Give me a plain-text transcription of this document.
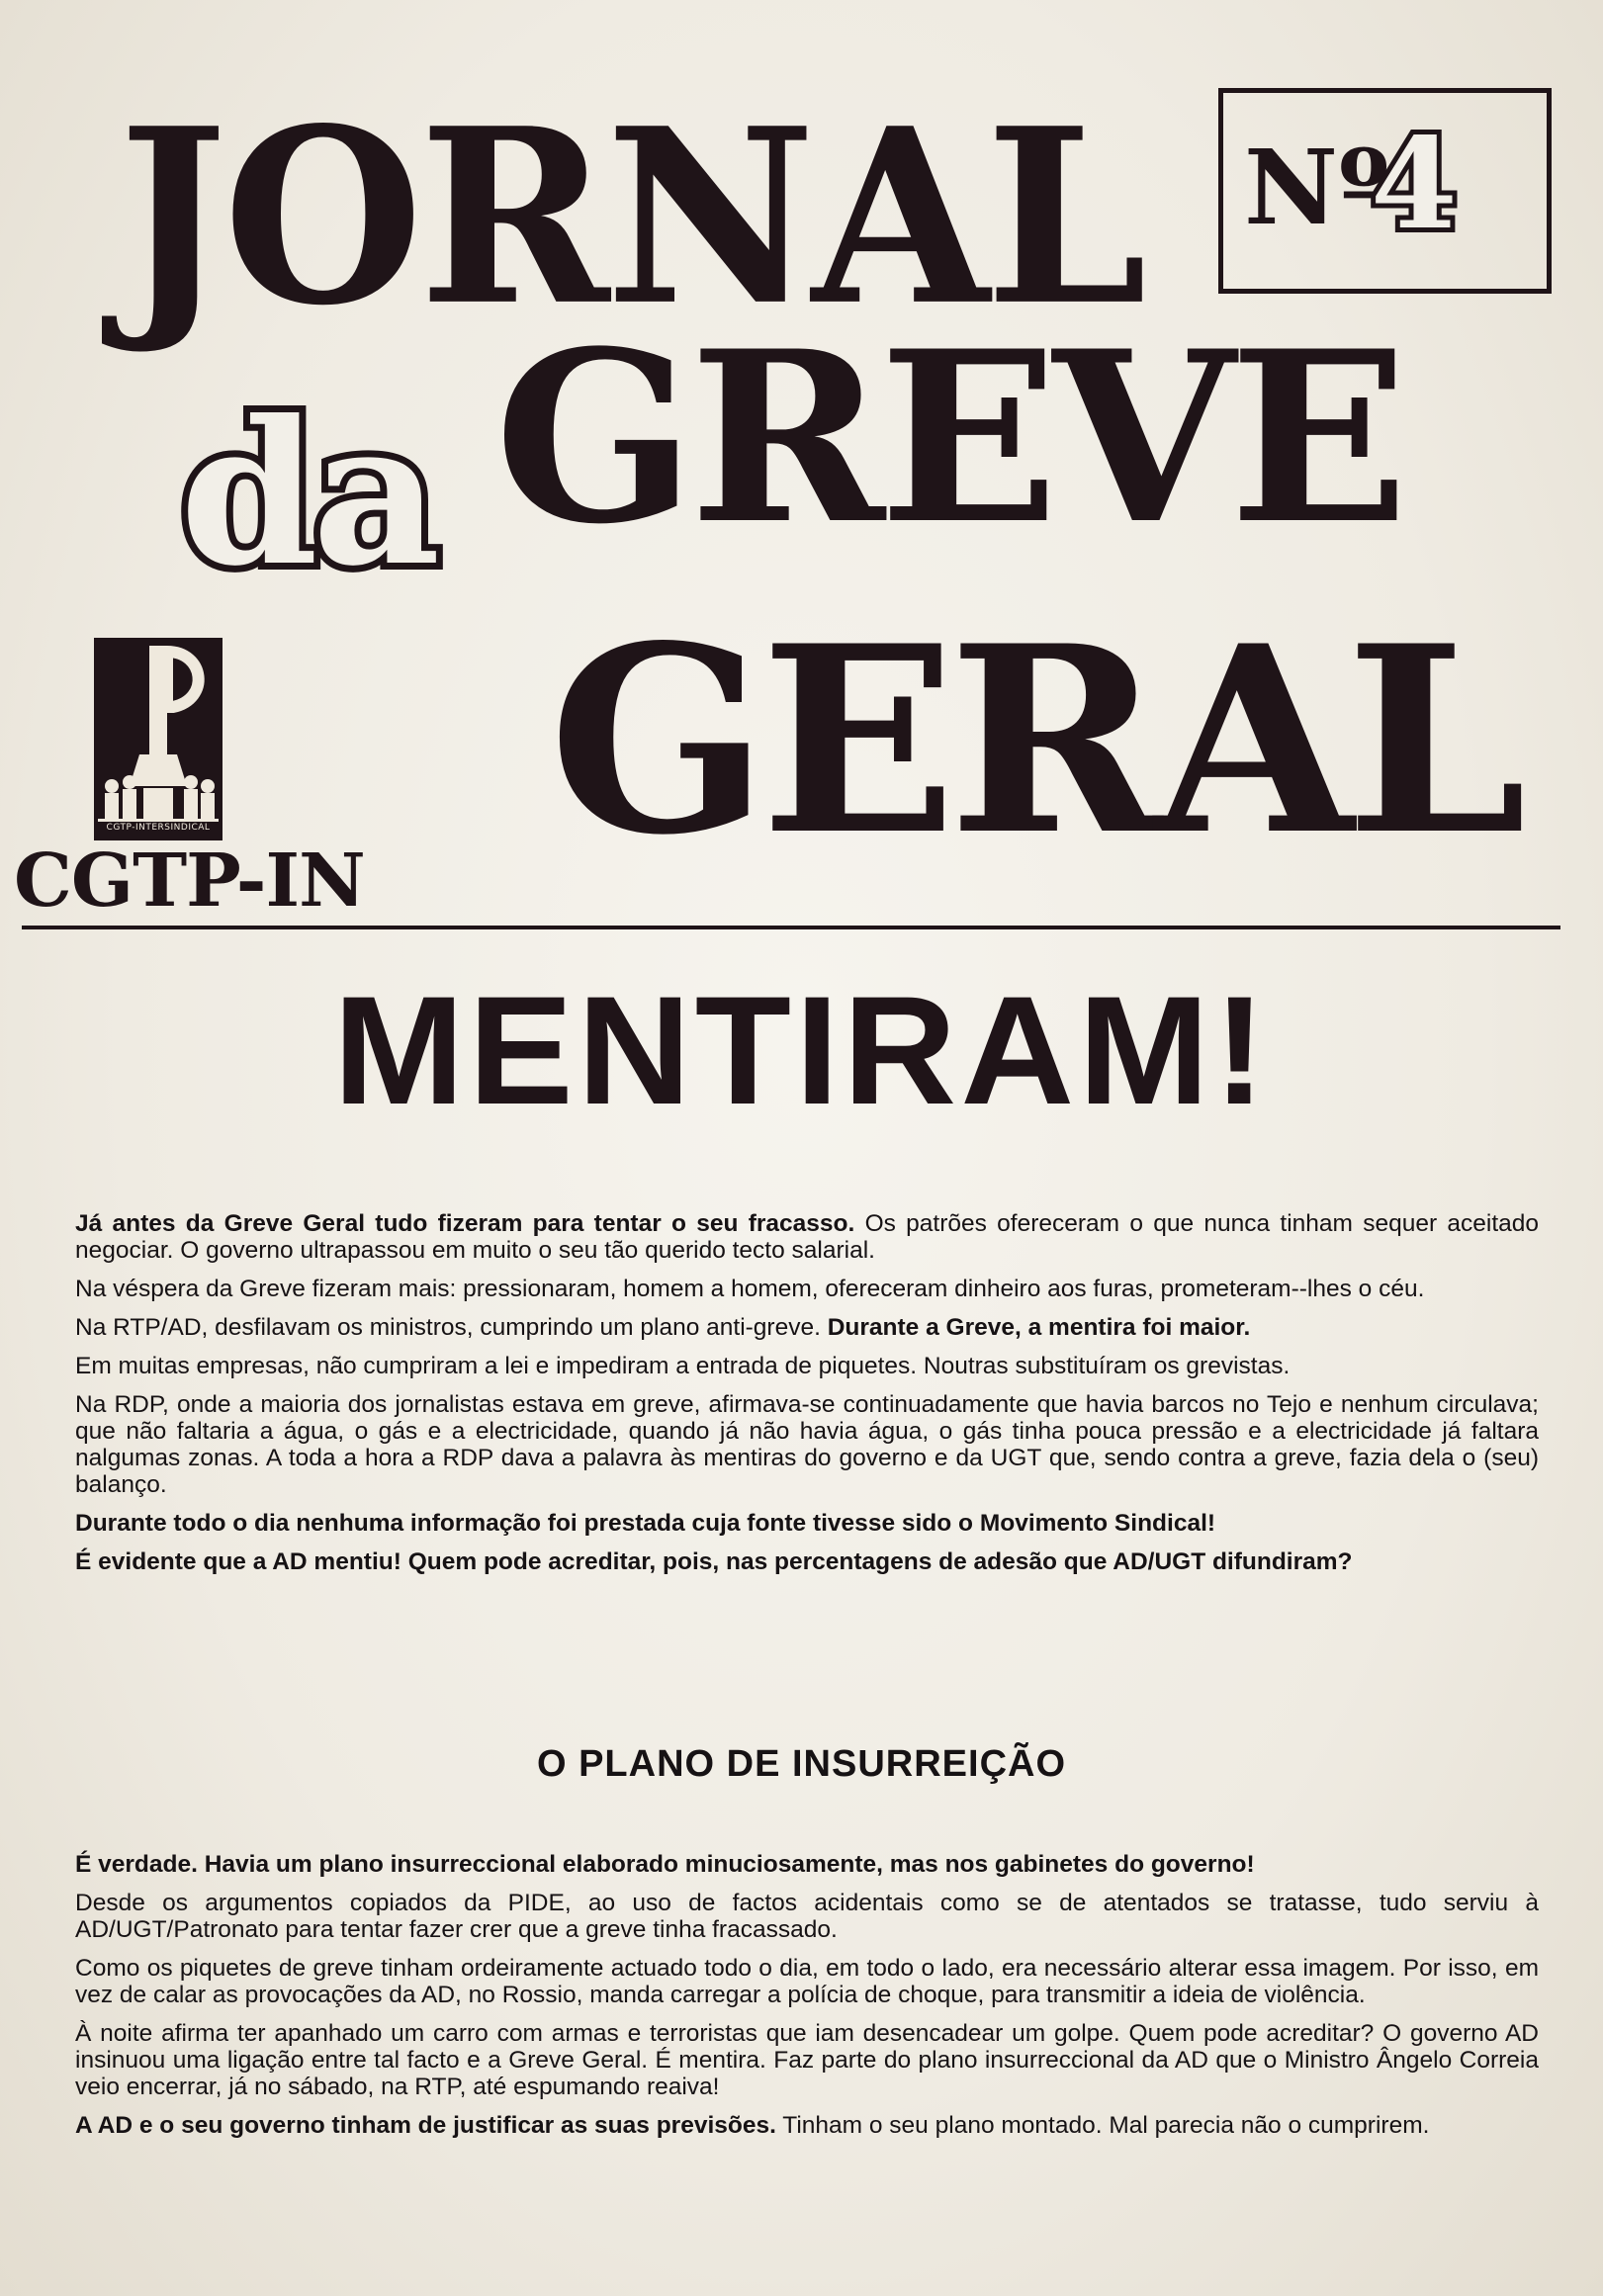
JORNAL
da GREVE
GERAL
Nº
4
CGTP-INTERSINDICAL
CGTP-IN
MENTIRAM!

Já antes da Greve Geral tudo fizeram para tentar o seu fracasso. Os patrões ofereceram o que nunca tinham sequer aceitado negociar. O governo ultrapassou em muito o seu tão querido tecto salarial.

Na véspera da Greve fizeram mais: pressionaram, homem a homem, ofereceram dinheiro aos furas, prometeram--lhes o céu.

Na RTP/AD, desfilavam os ministros, cumprindo um plano anti-greve. Durante a Greve, a mentira foi maior.

Em muitas empresas, não cumpriram a lei e impediram a entrada de piquetes. Noutras substituíram os grevistas.

Na RDP, onde a maioria dos jornalistas estava em greve, afirmava-se continuadamente que havia barcos no Tejo e nenhum circulava; que não faltaria a água, o gás e a electricidade, quando já não havia água, o gás tinha pouca pressão e a electricidade já faltara nalgumas zonas. A toda a hora a RDP dava a palavra às mentiras do governo e da UGT que, sendo contra a greve, fazia dela o (seu) balanço.

Durante todo o dia nenhuma informação foi prestada cuja fonte tivesse sido o Movimento Sindical!

É evidente que a AD mentiu! Quem pode acreditar, pois, nas percentagens de adesão que AD/UGT difundiram?

O PLANO DE INSURREIÇÃO

É verdade. Havia um plano insurreccional elaborado minuciosamente, mas nos gabinetes do governo!

Desde os argumentos copiados da PIDE, ao uso de factos acidentais como se de atentados se tratasse, tudo serviu à AD/UGT/Patronato para tentar fazer crer que a greve tinha fracassado.

Como os piquetes de greve tinham ordeiramente actuado todo o dia, em todo o lado, era necessário alterar essa imagem. Por isso, em vez de calar as provocações da AD, no Rossio, manda carregar a polícia de choque, para transmitir a ideia de violência.

À noite afirma ter apanhado um carro com armas e terroristas que iam desencadear um golpe. Quem pode acreditar? O governo AD insinuou uma ligação entre tal facto e a Greve Geral. É mentira. Faz parte do plano insurreccional da AD que o Ministro Ângelo Correia veio encerrar, já no sábado, na RTP, até espumando reaiva!

A AD e o seu governo tinham de justificar as suas previsões. Tinham o seu plano montado. Mal parecia não o cumprirem.
